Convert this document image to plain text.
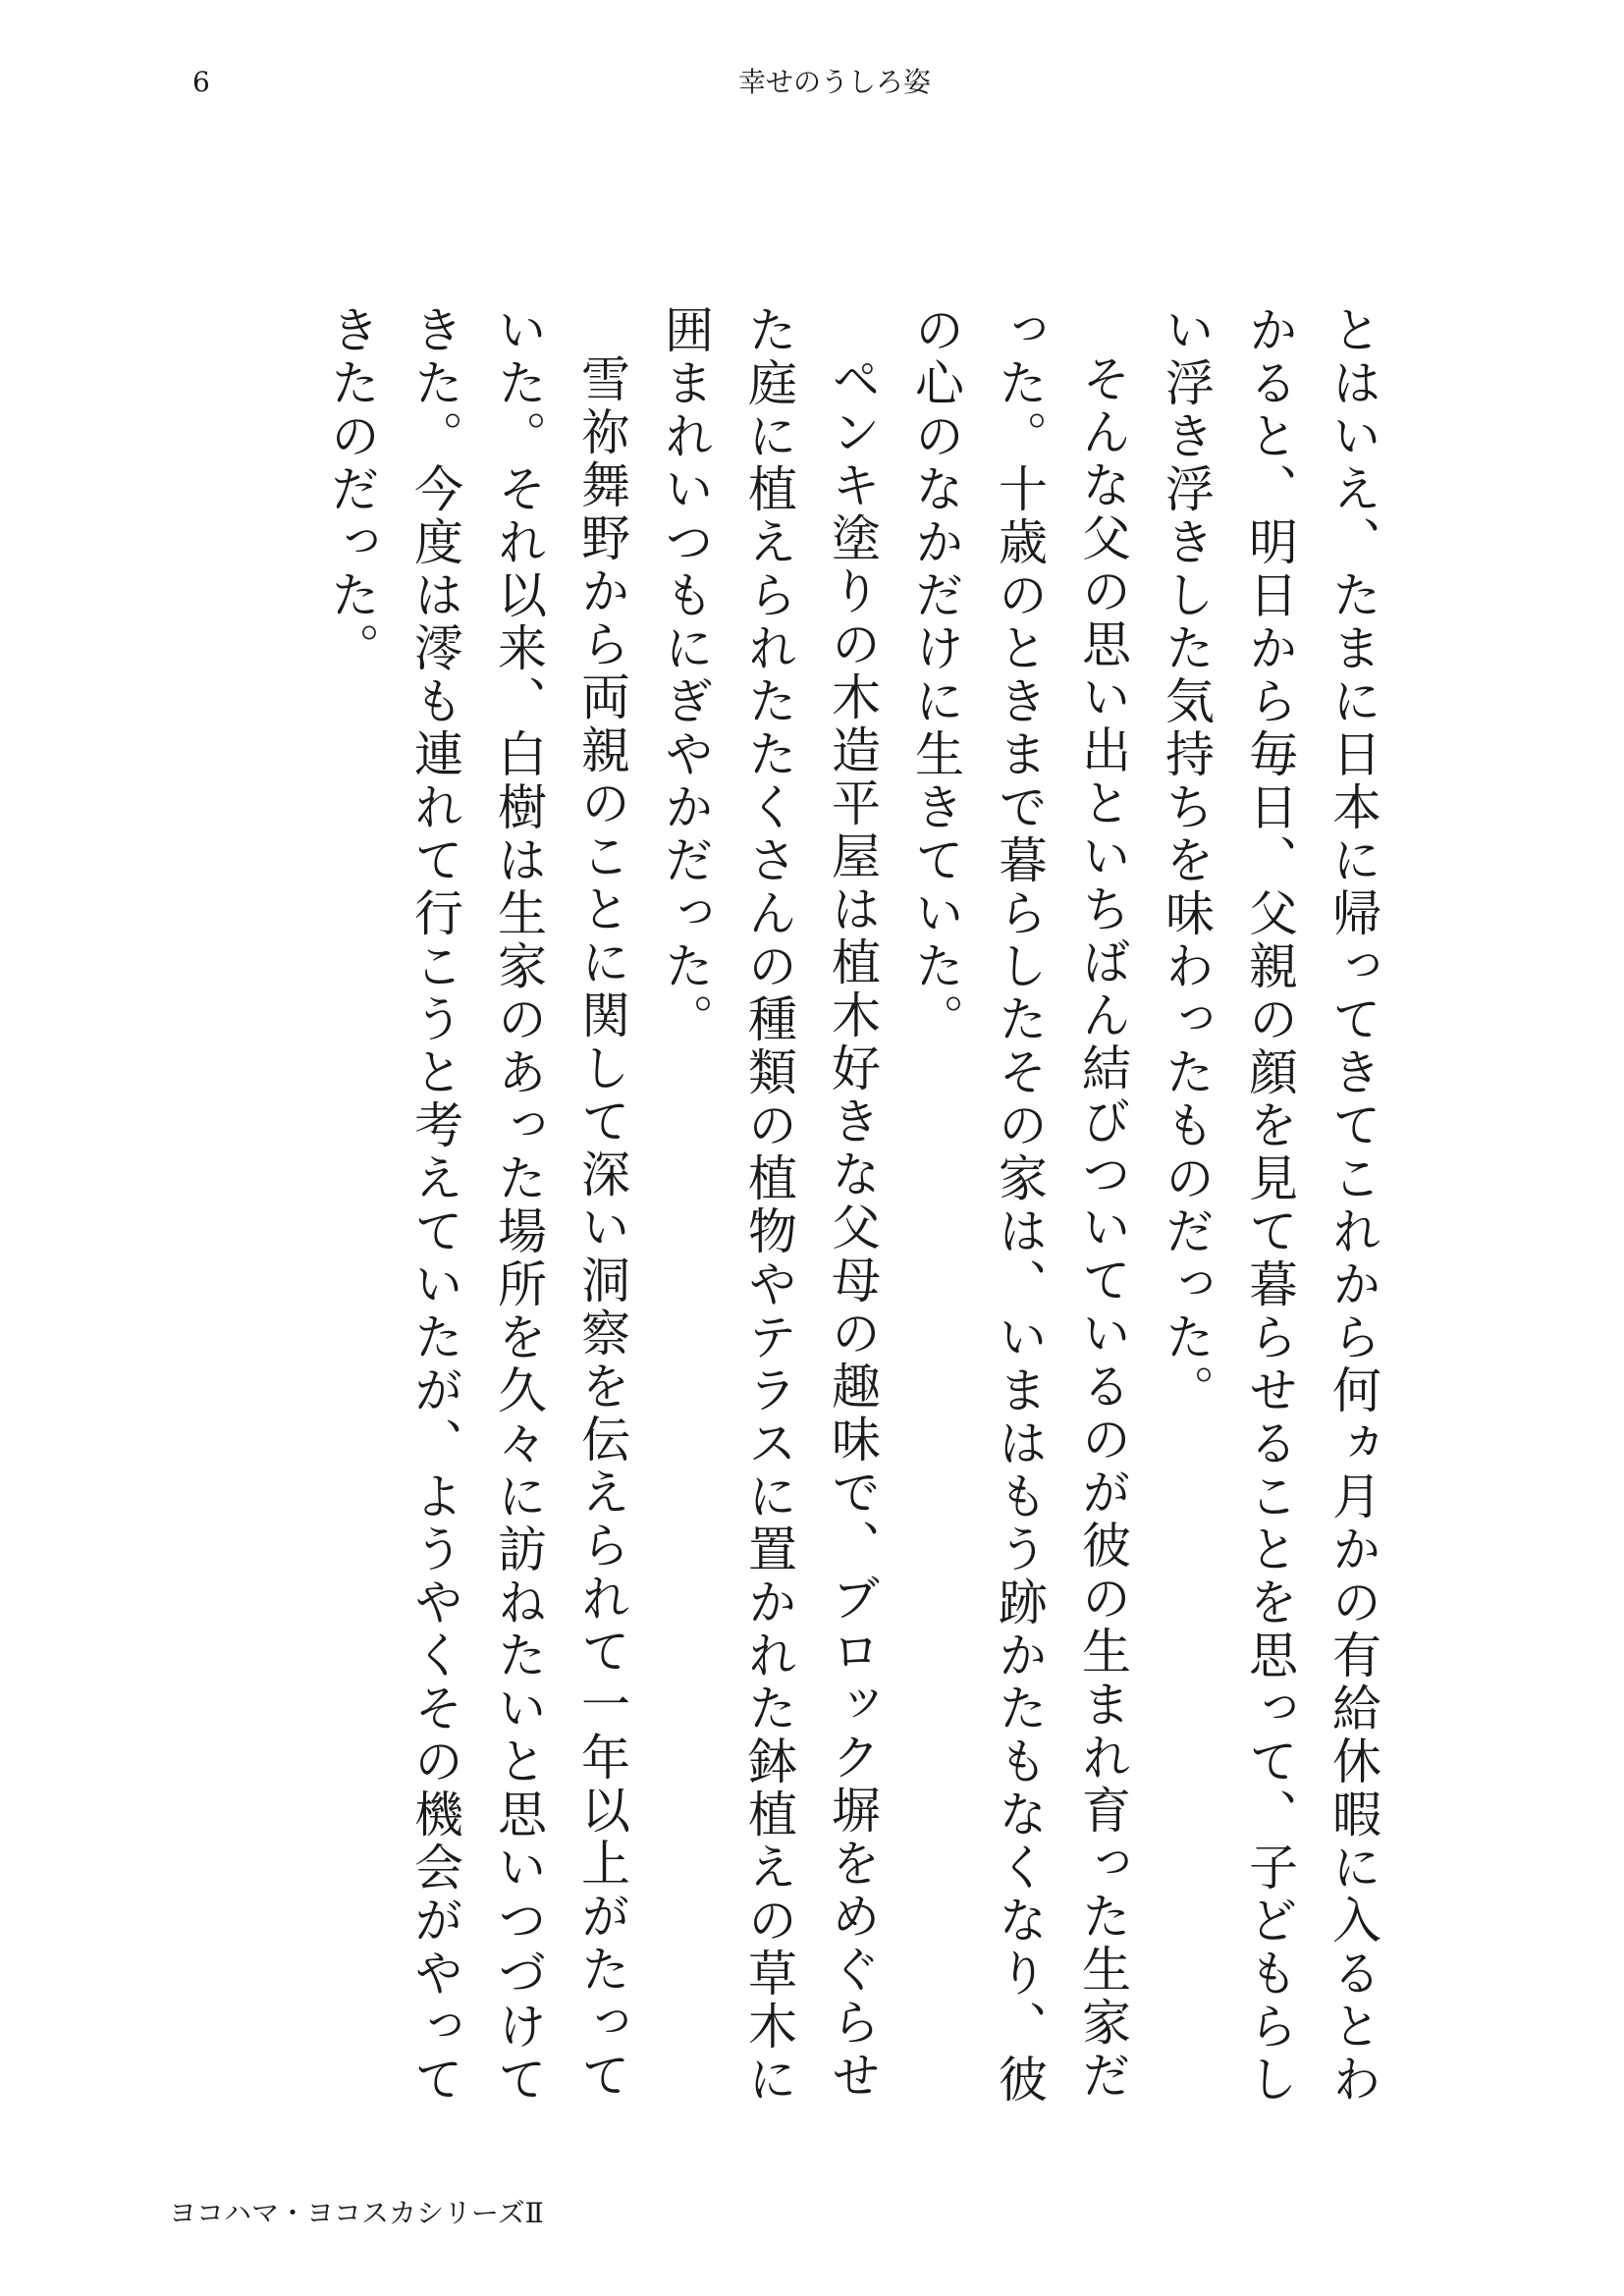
6	幸せのうしろ姿

とはいえ、たまに日本に帰ってきてこれから何ヵ月かの有給休暇に入るとわかると、明日から毎日、父親の顔を見て暮らせることを思って、子どもらしい浮き浮きした気持ちを味わったものだった。

そんな父の思い出といちばん結びついているのが彼の生まれ育った生家だった。十歳のときまで暮らしたその家は、いまはもう跡かたもなくなり、彼の心のなかだけに生きていた。

ペンキ塗りの木造平屋は植木好きな父母の趣味で、ブロック塀をめぐらせた庭に植えられたたくさんの種類の植物やテラスに置かれた鉢植えの草木に囲まれいつもにぎやかだった。

雪祢舞野から両親のことに関して深い洞察を伝えられて一年以上がたっていた。それ以来、白樹は生家のあった場所を久々に訪ねたいと思いつづけてきた。今度は澪も連れて行こうと考えていたが、ようやくその機会がやってきたのだった。

ヨコハマ・ヨコスカシリーズⅡ
